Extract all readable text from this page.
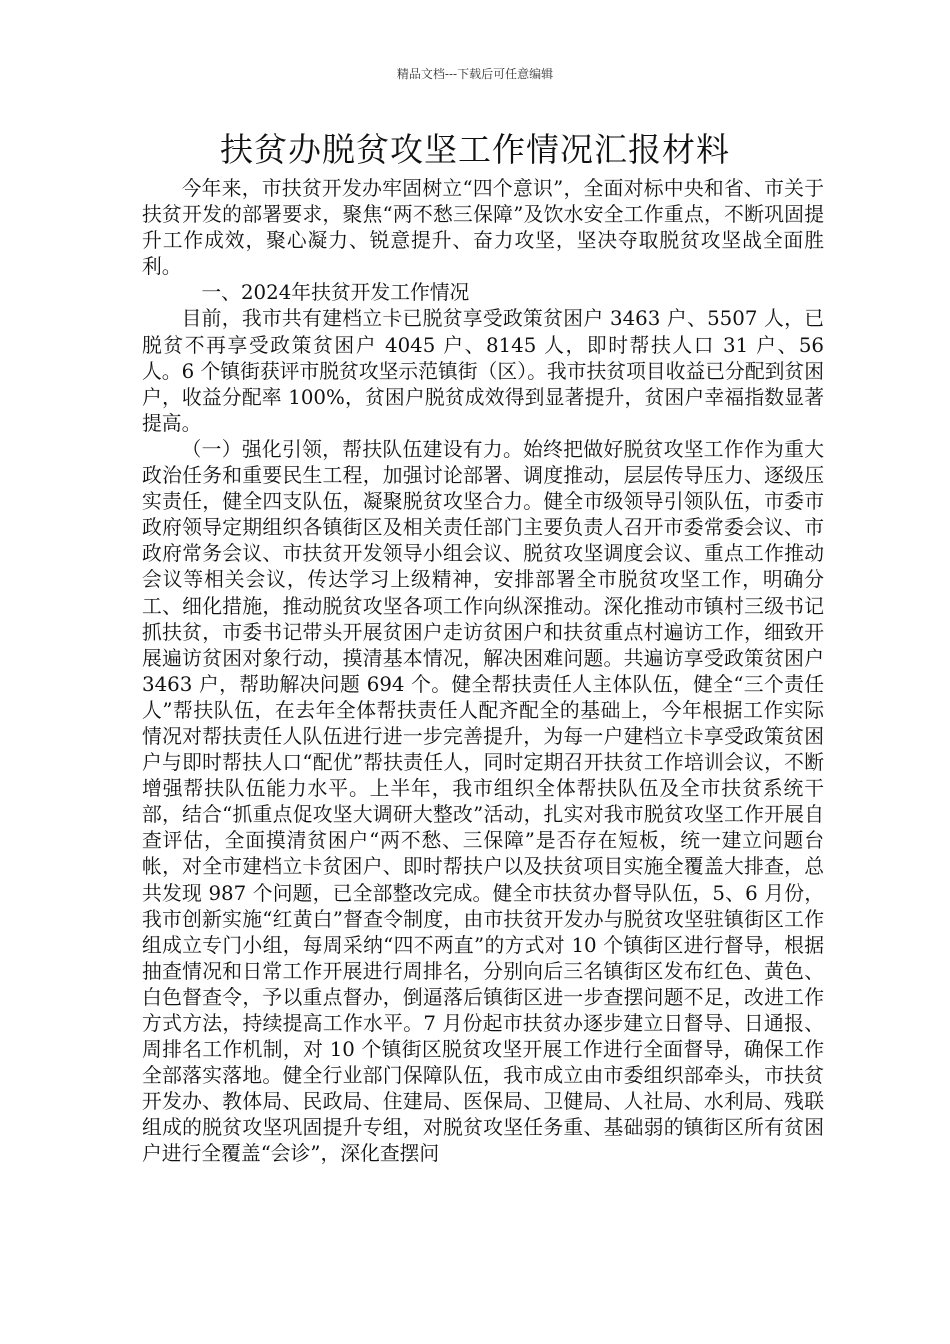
精品文档---下载后可任意编辑
扶贫办脱贫攻坚工作情况汇报材料

今年来，市扶贫开发办牢固树立“四个意识”，全面对标中央和省、市关于扶贫开发的部署要求，聚焦“两不愁三保障”及饮水安全工作重点，不断巩固提升工作成效，聚心凝力、锐意提升、奋力攻坚，坚决夺取脱贫攻坚战全面胜利。

一、2024年扶贫开发工作情况

目前，我市共有建档立卡已脱贫享受政策贫困户 3463 户、5507 人，已脱贫不再享受政策贫困户 4045 户、8145 人，即时帮扶人口 31 户、56 人。6 个镇街获评市脱贫攻坚示范镇街（区）。我市扶贫项目收益已分配到贫困户，收益分配率 100%，贫困户脱贫成效得到显著提升，贫困户幸福指数显著提高。

（一）强化引领，帮扶队伍建设有力。始终把做好脱贫攻坚工作作为重大政治任务和重要民生工程，加强讨论部署、调度推动，层层传导压力、逐级压实责任，健全四支队伍，凝聚脱贫攻坚合力。健全市级领导引领队伍，市委市政府领导定期组织各镇街区及相关责任部门主要负责人召开市委常委会议、市政府常务会议、市扶贫开发领导小组会议、脱贫攻坚调度会议、重点工作推动会议等相关会议，传达学习上级精神，安排部署全市脱贫攻坚工作，明确分工、细化措施，推动脱贫攻坚各项工作向纵深推动。深化推动市镇村三级书记抓扶贫，市委书记带头开展贫困户走访贫困户和扶贫重点村遍访工作，细致开展遍访贫困对象行动，摸清基本情况，解决困难问题。共遍访享受政策贫困户 3463 户，帮助解决问题 694 个。健全帮扶责任人主体队伍，健全“三个责任人”帮扶队伍，在去年全体帮扶责任人配齐配全的基础上，今年根据工作实际情况对帮扶责任人队伍进行进一步完善提升，为每一户建档立卡享受政策贫困户与即时帮扶人口“配优”帮扶责任人，同时定期召开扶贫工作培训会议，不断增强帮扶队伍能力水平。上半年，我市组织全体帮扶队伍及全市扶贫系统干部，结合“抓重点促攻坚大调研大整改”活动，扎实对我市脱贫攻坚工作开展自查评估，全面摸清贫困户“两不愁、三保障”是否存在短板，统一建立问题台帐，对全市建档立卡贫困户、即时帮扶户以及扶贫项目实施全覆盖大排查，总共发现 987 个问题，已全部整改完成。健全市扶贫办督导队伍，5、6 月份，我市创新实施“红黄白”督查令制度，由市扶贫开发办与脱贫攻坚驻镇街区工作组成立专门小组，每周采纳“四不两直”的方式对 10 个镇街区进行督导，根据抽查情况和日常工作开展进行周排名，分别向后三名镇街区发布红色、黄色、白色督查令，予以重点督办，倒逼落后镇街区进一步查摆问题不足，改进工作方式方法，持续提高工作水平。7 月份起市扶贫办逐步建立日督导、日通报、周排名工作机制，对 10 个镇街区脱贫攻坚开展工作进行全面督导，确保工作全部落实落地。健全行业部门保障队伍，我市成立由市委组织部牵头，市扶贫开发办、教体局、民政局、住建局、医保局、卫健局、人社局、水利局、残联组成的脱贫攻坚巩固提升专组，对脱贫攻坚任务重、基础弱的镇街区所有贫困户进行全覆盖“会诊”，深化查摆问
